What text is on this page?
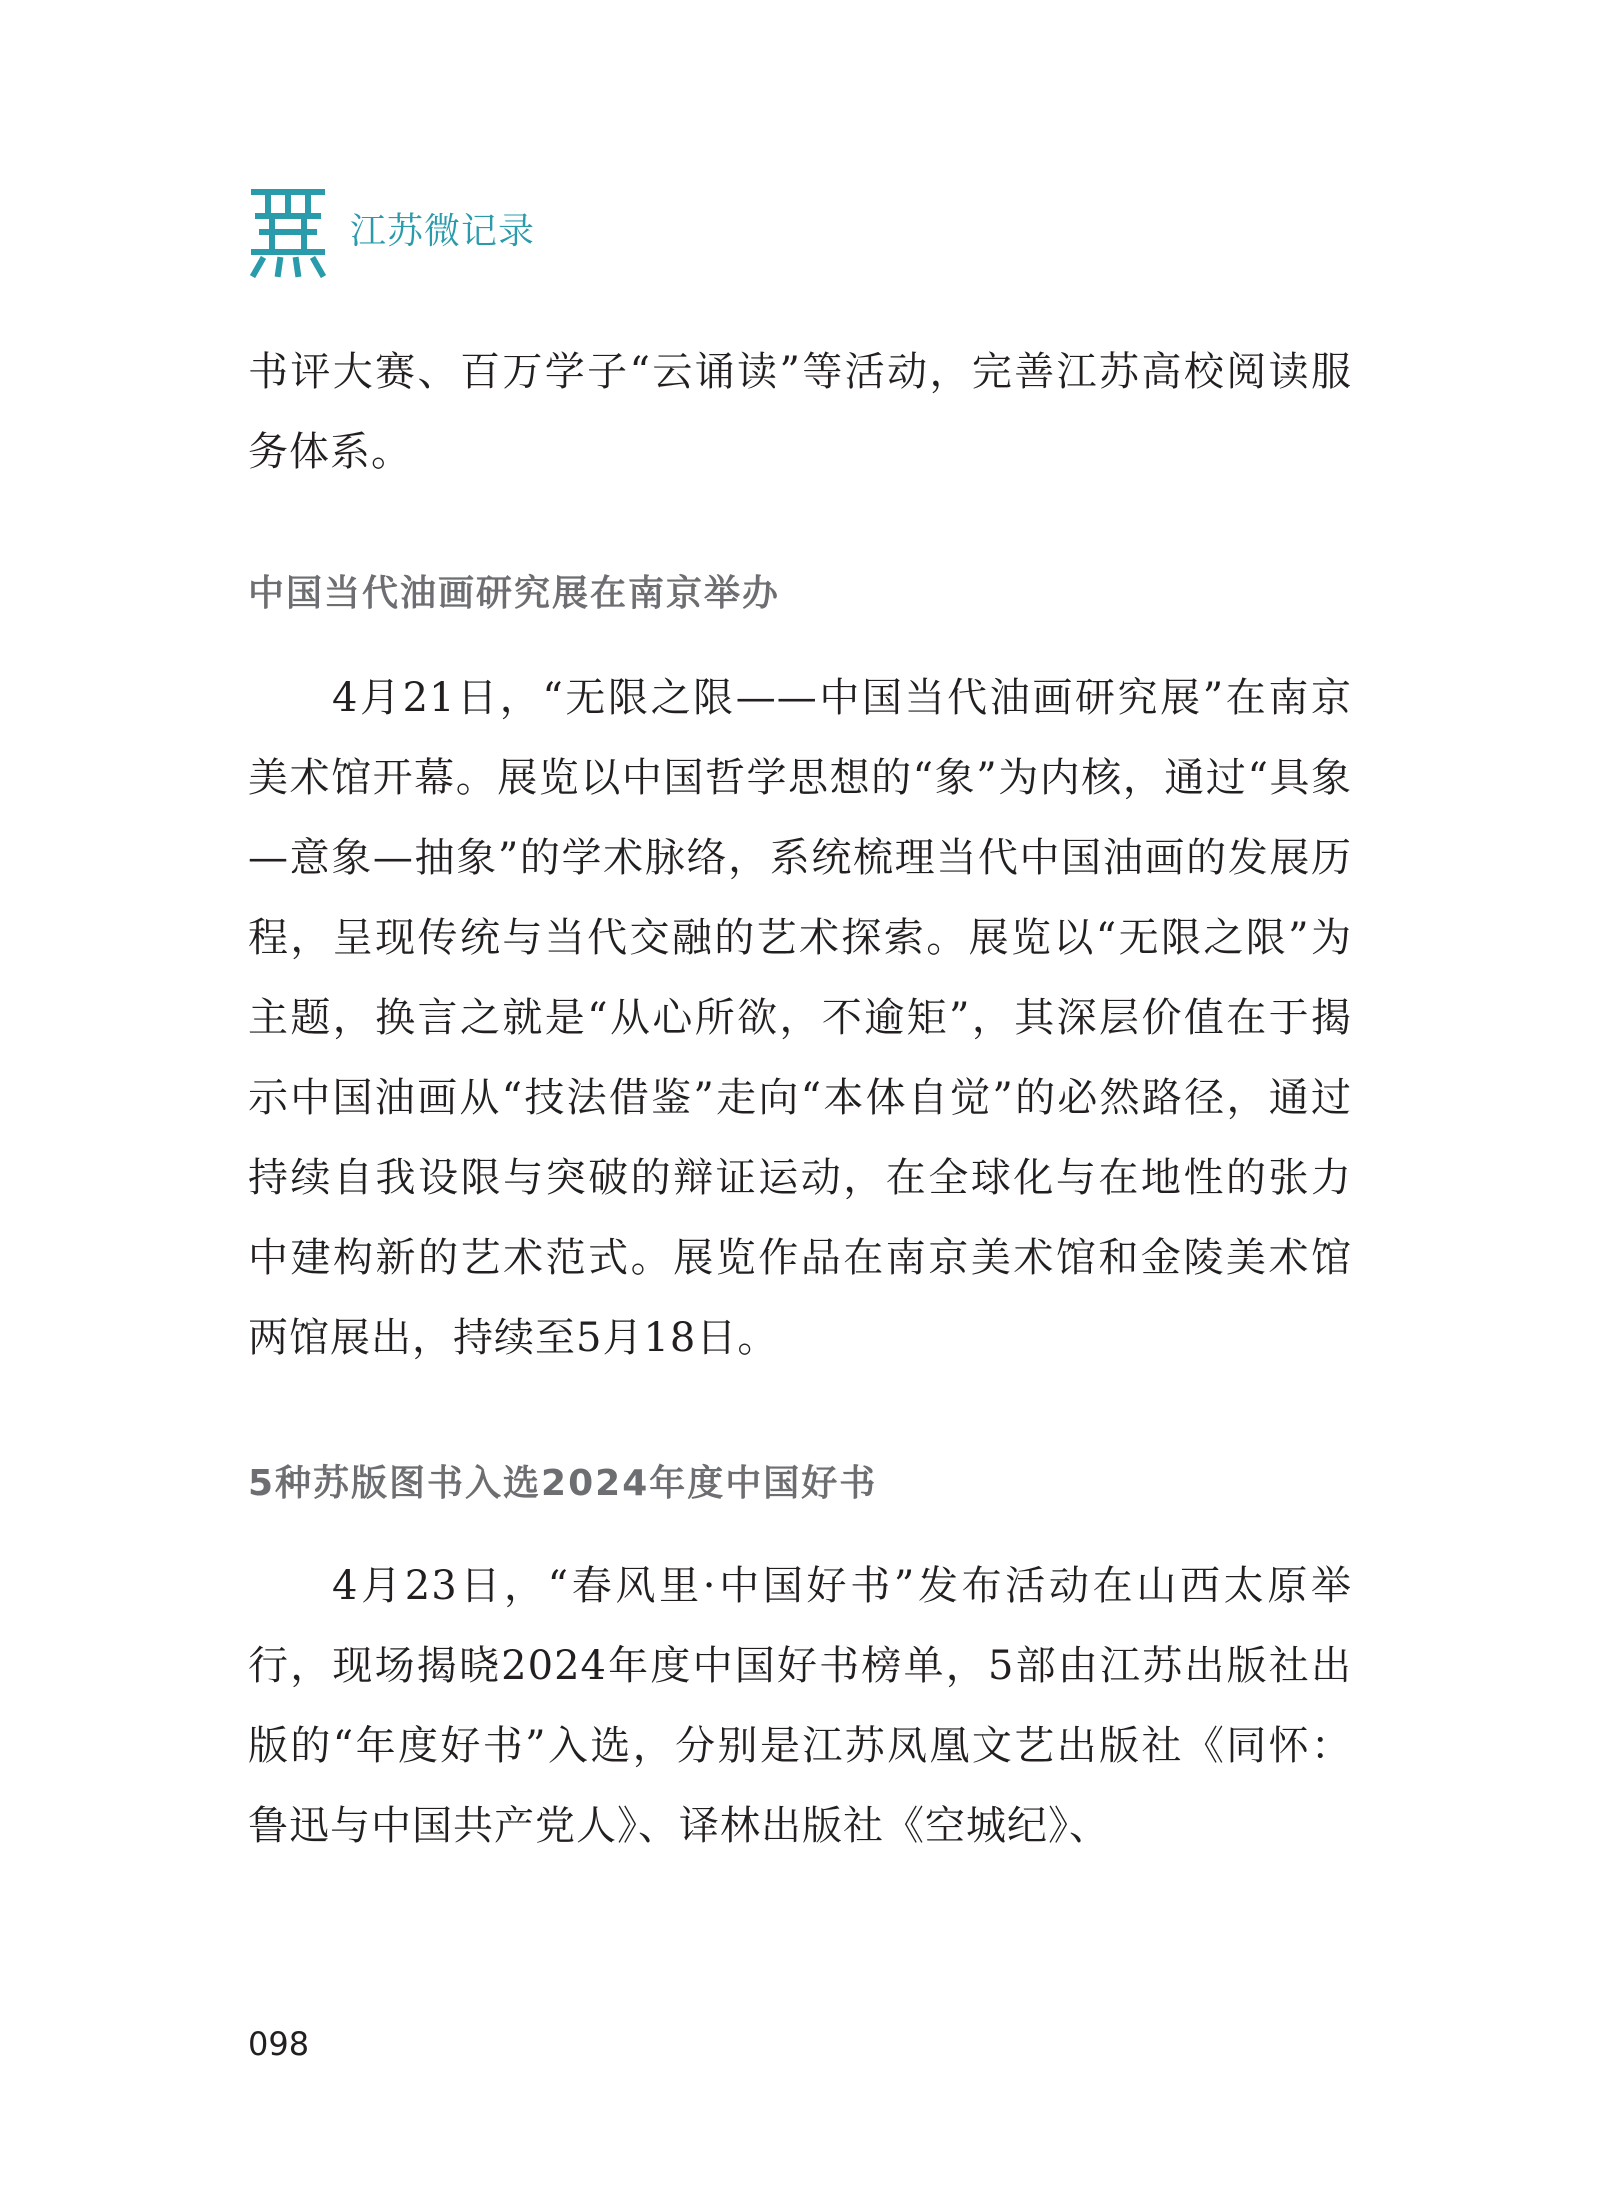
江苏微记录

书评大赛、百万学子“云诵读”等活动，完善江苏高校阅读服务体系。

中国当代油画研究展在南京举办

4月21日，“无限之限——中国当代油画研究展”在南京美术馆开幕。展览以中国哲学思想的“象”为内核，通过“具象—意象—抽象”的学术脉络，系统梳理当代中国油画的发展历程，呈现传统与当代交融的艺术探索。展览以“无限之限”为主题，换言之就是“从心所欲，不逾矩”，其深层价值在于揭示中国油画从“技法借鉴”走向“本体自觉”的必然路径，通过持续自我设限与突破的辩证运动，在全球化与在地性的张力中建构新的艺术范式。展览作品在南京美术馆和金陵美术馆两馆展出，持续至5月18日。

5种苏版图书入选2024年度中国好书

4月23日，“春风里·中国好书”发布活动在山西太原举行，现场揭晓2024年度中国好书榜单，5部由江苏出版社出版的“年度好书”入选，分别是江苏凤凰文艺出版社《同怀：鲁迅与中国共产党人》、译林出版社《空城纪》、

098
